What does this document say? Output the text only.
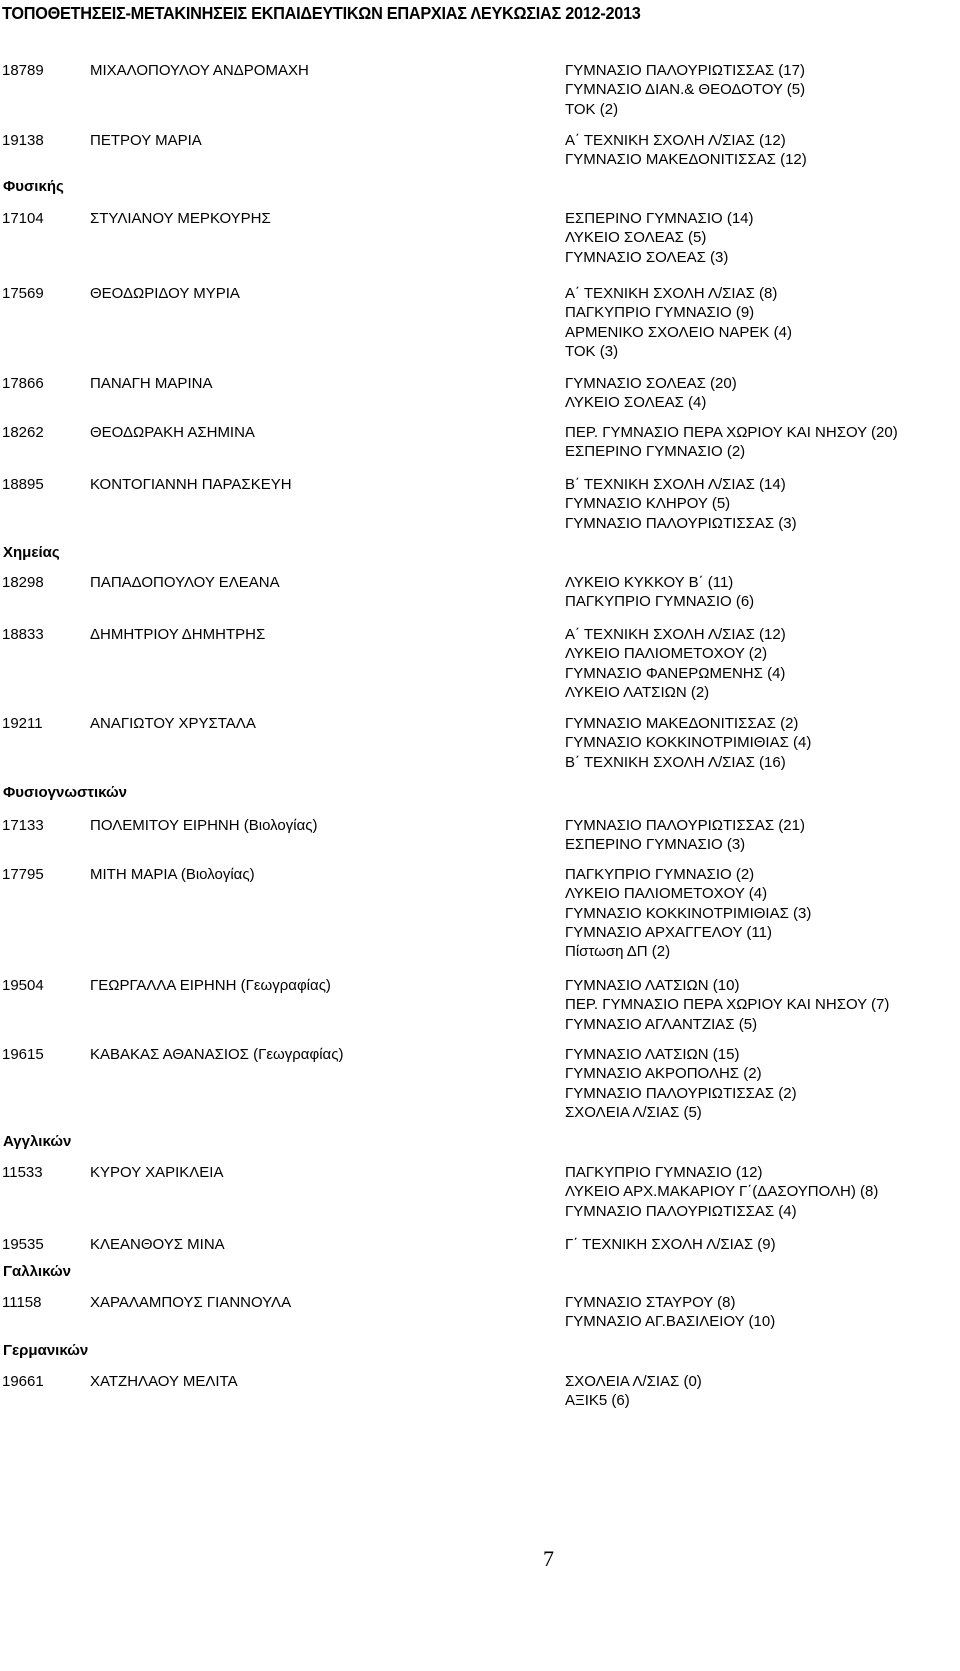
ΤΟΠΟΘΕΤΗΣΕΙΣ-ΜΕΤΑΚΙΝΗΣΕΙΣ ΕΚΠΑΙΔΕΥΤΙΚΩΝ ΕΠΑΡΧΙΑΣ ΛΕΥΚΩΣΙΑΣ 2012-2013
18789	ΜΙΧΑΛΟΠΟΥΛΟΥ ΑΝΔΡΟΜΑΧΗ	ΓΥΜΝΑΣΙΟ ΠΑΛΟΥΡΙΩΤΙΣΣΑΣ (17)
ΓΥΜΝΑΣΙΟ ΔΙΑΝ.& ΘΕΟΔΟΤΟΥ (5)
ΤΟΚ (2)
19138	ΠΕΤΡΟΥ ΜΑΡΙΑ	Α΄ ΤΕΧΝΙΚΗ ΣΧΟΛΗ Λ/ΣΙΑΣ (12)
ΓΥΜΝΑΣΙΟ ΜΑΚΕΔΟΝΙΤΙΣΣΑΣ (12)
Φυσικής
17104	ΣΤΥΛΙΑΝΟΥ ΜΕΡΚΟΥΡΗΣ	ΕΣΠΕΡΙΝΟ ΓΥΜΝΑΣΙΟ (14)
ΛΥΚΕΙΟ ΣΟΛΕΑΣ (5)
ΓΥΜΝΑΣΙΟ ΣΟΛΕΑΣ (3)
17569	ΘΕΟΔΩΡΙΔΟΥ ΜΥΡΙΑ	Α΄ ΤΕΧΝΙΚΗ ΣΧΟΛΗ Λ/ΣΙΑΣ (8)
ΠΑΓΚΥΠΡΙΟ ΓΥΜΝΑΣΙΟ (9)
ΑΡΜΕΝΙΚΟ ΣΧΟΛΕΙΟ ΝΑΡΕΚ (4)
ΤΟΚ (3)
17866	ΠΑΝΑΓΗ ΜΑΡΙΝΑ	ΓΥΜΝΑΣΙΟ ΣΟΛΕΑΣ (20)
ΛΥΚΕΙΟ ΣΟΛΕΑΣ (4)
18262	ΘΕΟΔΩΡΑΚΗ ΑΣΗΜΙΝΑ	ΠΕΡ. ΓΥΜΝΑΣΙΟ ΠΕΡΑ ΧΩΡΙΟΥ ΚΑΙ ΝΗΣΟΥ (20)
ΕΣΠΕΡΙΝΟ ΓΥΜΝΑΣΙΟ (2)
18895	ΚΟΝΤΟΓΙΑΝΝΗ ΠΑΡΑΣΚΕΥΗ	Β΄ ΤΕΧΝΙΚΗ ΣΧΟΛΗ Λ/ΣΙΑΣ (14)
ΓΥΜΝΑΣΙΟ ΚΛΗΡΟΥ (5)
ΓΥΜΝΑΣΙΟ ΠΑΛΟΥΡΙΩΤΙΣΣΑΣ (3)
Χημείας
18298	ΠΑΠΑΔΟΠΟΥΛΟΥ ΕΛΕΑΝΑ	ΛΥΚΕΙΟ ΚΥΚΚΟΥ Β΄ (11)
ΠΑΓΚΥΠΡΙΟ ΓΥΜΝΑΣΙΟ (6)
18833	ΔΗΜΗΤΡΙΟΥ ΔΗΜΗΤΡΗΣ	Α΄ ΤΕΧΝΙΚΗ ΣΧΟΛΗ Λ/ΣΙΑΣ (12)
ΛΥΚΕΙΟ ΠΑΛΙΟΜΕΤΟΧΟΥ (2)
ΓΥΜΝΑΣΙΟ ΦΑΝΕΡΩΜΕΝΗΣ (4)
ΛΥΚΕΙΟ ΛΑΤΣΙΩΝ (2)
19211	ΑΝΑΓΙΩΤΟΥ ΧΡΥΣΤΑΛΑ	ΓΥΜΝΑΣΙΟ ΜΑΚΕΔΟΝΙΤΙΣΣΑΣ (2)
ΓΥΜΝΑΣΙΟ ΚΟΚΚΙΝΟΤΡΙΜΙΘΙΑΣ (4)
Β΄ ΤΕΧΝΙΚΗ ΣΧΟΛΗ Λ/ΣΙΑΣ (16)
Φυσιογνωστικών
17133	ΠΟΛΕΜΙΤΟΥ ΕΙΡΗΝΗ (Βιολογίας)	ΓΥΜΝΑΣΙΟ ΠΑΛΟΥΡΙΩΤΙΣΣΑΣ (21)
ΕΣΠΕΡΙΝΟ ΓΥΜΝΑΣΙΟ (3)
17795	ΜΙΤΗ ΜΑΡΙΑ (Βιολογίας)	ΠΑΓΚΥΠΡΙΟ ΓΥΜΝΑΣΙΟ (2)
ΛΥΚΕΙΟ ΠΑΛΙΟΜΕΤΟΧΟΥ (4)
ΓΥΜΝΑΣΙΟ ΚΟΚΚΙΝΟΤΡΙΜΙΘΙΑΣ (3)
ΓΥΜΝΑΣΙΟ ΑΡΧΑΓΓΕΛΟΥ (11)
Πίστωση ΔΠ (2)
19504	ΓΕΩΡΓΑΛΛΑ ΕΙΡΗΝΗ (Γεωγραφίας)	ΓΥΜΝΑΣΙΟ ΛΑΤΣΙΩΝ (10)
ΠΕΡ. ΓΥΜΝΑΣΙΟ ΠΕΡΑ ΧΩΡΙΟΥ ΚΑΙ ΝΗΣΟΥ (7)
ΓΥΜΝΑΣΙΟ ΑΓΛΑΝΤΖΙΑΣ (5)
19615	ΚΑΒΑΚΑΣ ΑΘΑΝΑΣΙΟΣ (Γεωγραφίας)	ΓΥΜΝΑΣΙΟ ΛΑΤΣΙΩΝ (15)
ΓΥΜΝΑΣΙΟ ΑΚΡΟΠΟΛΗΣ (2)
ΓΥΜΝΑΣΙΟ ΠΑΛΟΥΡΙΩΤΙΣΣΑΣ (2)
ΣΧΟΛΕΙΑ Λ/ΣΙΑΣ (5)
Αγγλικών
11533	ΚΥΡΟΥ ΧΑΡΙΚΛΕΙΑ	ΠΑΓΚΥΠΡΙΟ ΓΥΜΝΑΣΙΟ (12)
ΛΥΚΕΙΟ ΑΡΧ.ΜΑΚΑΡΙΟΥ Γ΄(ΔΑΣΟΥΠΟΛΗ) (8)
ΓΥΜΝΑΣΙΟ ΠΑΛΟΥΡΙΩΤΙΣΣΑΣ (4)
19535	ΚΛΕΑΝΘΟΥΣ ΜΙΝΑ	Γ΄ ΤΕΧΝΙΚΗ ΣΧΟΛΗ Λ/ΣΙΑΣ (9)
Γαλλικών
11158	ΧΑΡΑΛΑΜΠΟΥΣ ΓΙΑΝΝΟΥΛΑ	ΓΥΜΝΑΣΙΟ ΣΤΑΥΡΟΥ (8)
ΓΥΜΝΑΣΙΟ ΑΓ.ΒΑΣΙΛΕΙΟΥ (10)
Γερμανικών
19661	ΧΑΤΖΗΛΑΟΥ ΜΕΛΙΤΑ	ΣΧΟΛΕΙΑ Λ/ΣΙΑΣ (0)
ΑΞΙΚ5 (6)
7
